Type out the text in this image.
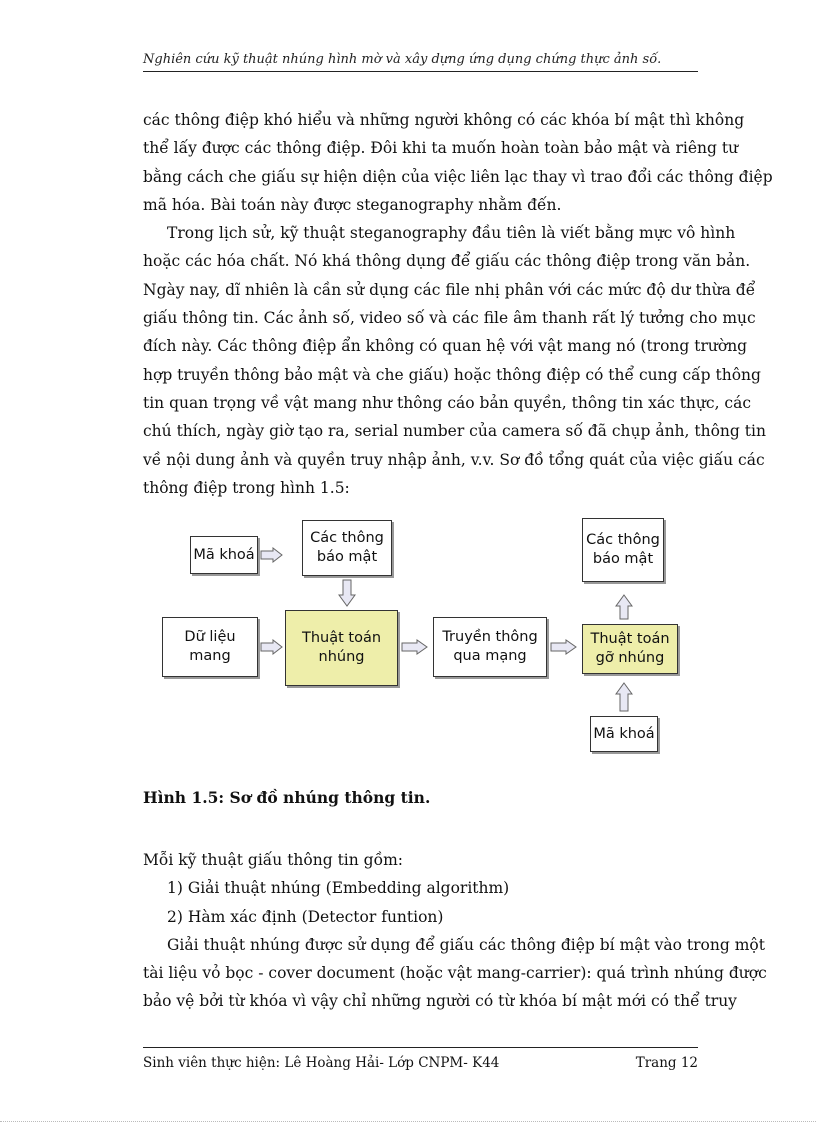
Nghiên cứu kỹ thuật nhúng hình mờ và xây dựng ứng dụng chứng thực ảnh số.
các thông điệp khó hiểu và những người không có các khóa bí mật thì không
thể lấy được các thông điệp. Đôi khi ta muốn hoàn toàn bảo mật và riêng tư
bằng cách che giấu sự hiện diện của việc liên lạc thay vì trao đổi các thông điệp
mã hóa. Bài toán này được steganography nhằm đến.
Trong lịch sử, kỹ thuật steganography đầu tiên là viết bằng mực vô hình
hoặc các hóa chất. Nó khá thông dụng để giấu các thông điệp trong văn bản.
Ngày nay, dĩ nhiên là cần sử dụng các file nhị phân với các mức độ dư thừa để
giấu thông tin. Các ảnh số, video số và các file âm thanh rất lý tưởng cho mục
đích này. Các thông điệp ẩn không có quan hệ với vật mang nó (trong trường
hợp truyền thông bảo mật và che giấu) hoặc thông điệp có thể cung cấp thông
tin quan trọng về vật mang như thông cáo bản quyền, thông tin xác thực, các
chú thích, ngày giờ tạo ra, serial number của camera số đã chụp ảnh, thông tin
về nội dung ảnh và quyền truy nhập ảnh, v.v. Sơ đồ tổng quát của việc giấu các
thông điệp trong hình 1.5:
Mã khoá
Các thông
báo mật
Dữ liệu
mang
Thuật toán
nhúng
Truyền thông
qua mạng
Thuật toán
gỡ nhúng
Các thông
báo mật
Mã khoá
Hình 1.5: Sơ đồ nhúng thông tin.
Mỗi kỹ thuật giấu thông tin gồm:
1) Giải thuật nhúng (Embedding algorithm)
2) Hàm xác định (Detector funtion)
Giải thuật nhúng được sử dụng để giấu các thông điệp bí mật vào trong một
tài liệu vỏ bọc - cover document (hoặc vật mang-carrier): quá trình nhúng được
bảo vệ bởi từ khóa vì vậy chỉ những người có từ khóa bí mật mới có thể truy
Sinh viên thực hiện: Lê Hoàng Hải- Lớp CNPM- K44	Trang 12
